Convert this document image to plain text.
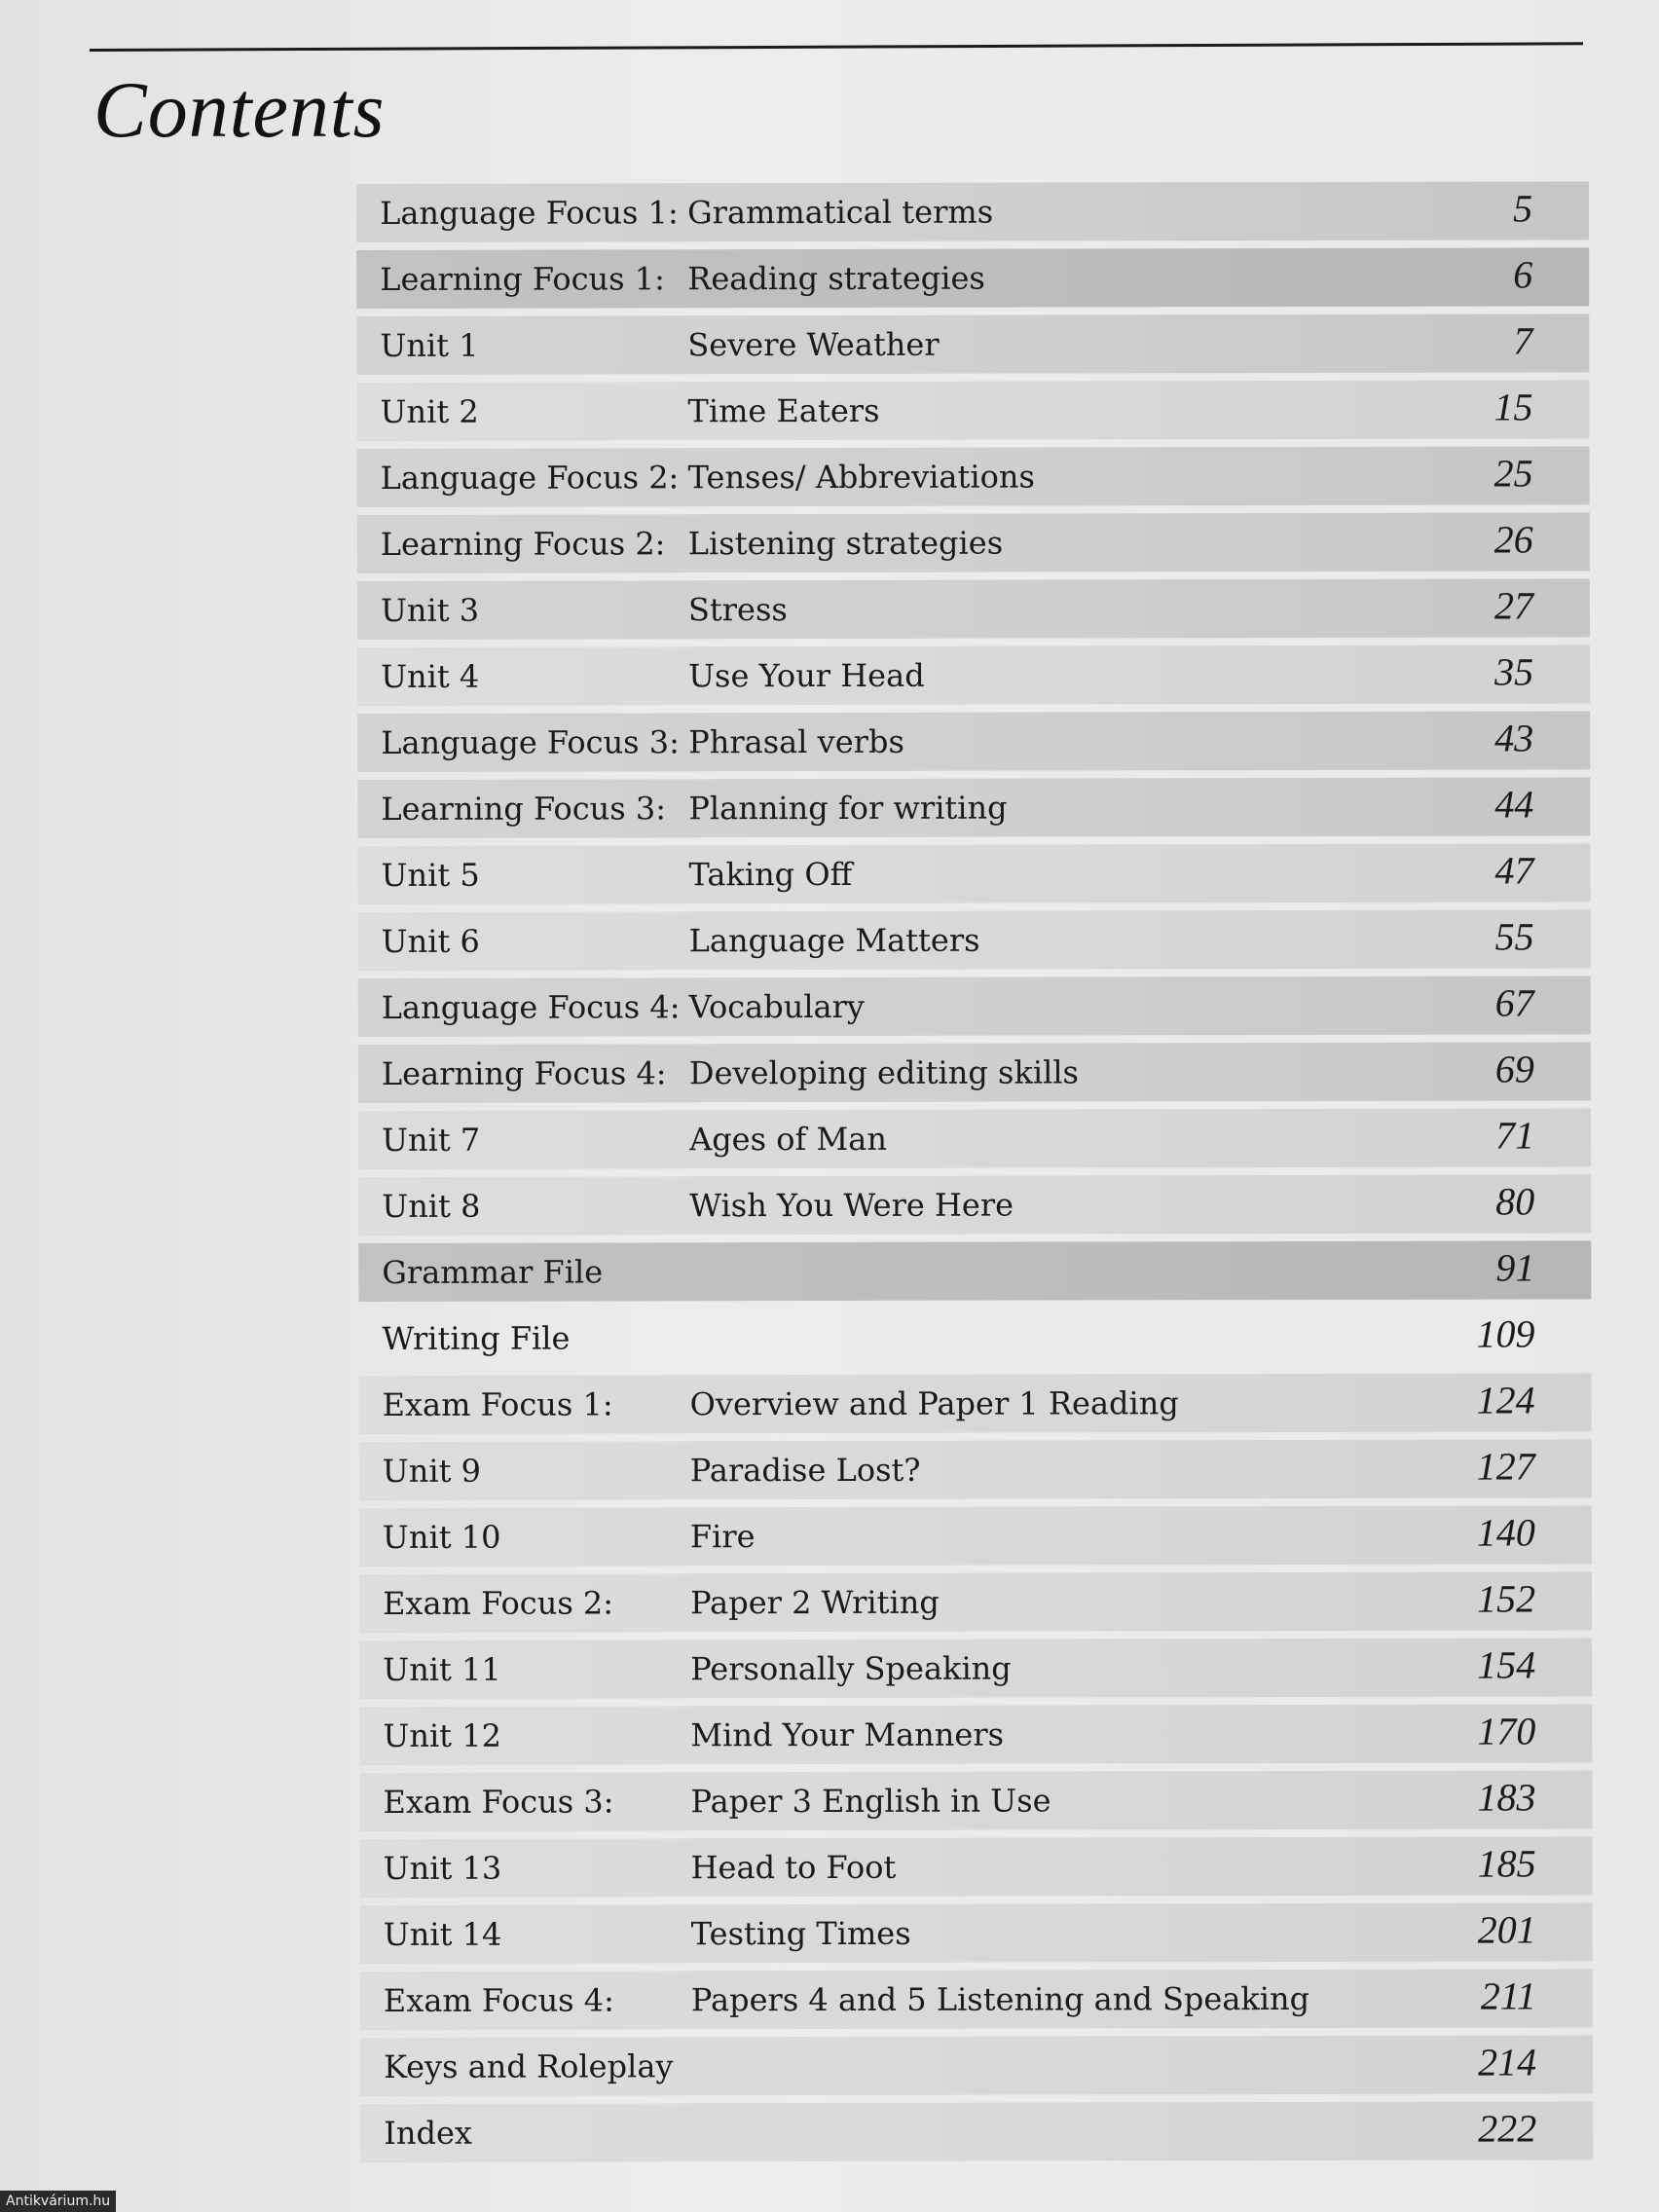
Contents
Language Focus 1: Grammatical terms	5
Learning Focus 1: Reading strategies	6
Unit 1	Severe Weather	7
Unit 2	Time Eaters	15
Language Focus 2: Tenses/ Abbreviations	25
Learning Focus 2: Listening strategies	26
Unit 3	Stress	27
Unit 4	Use Your Head	35
Language Focus 3: Phrasal verbs	43
Learning Focus 3: Planning for writing	44
Unit 5	Taking Off	47
Unit 6	Language Matters	55
Language Focus 4: Vocabulary	67
Learning Focus 4: Developing editing skills	69
Unit 7	Ages of Man	71
Unit 8	Wish You Were Here	80
Grammar File	91
Writing File	109
Exam Focus 1: Overview and Paper 1 Reading	124
Unit 9	Paradise Lost?	127
Unit 10	Fire	140
Exam Focus 2: Paper 2 Writing	152
Unit 11	Personally Speaking	154
Unit 12	Mind Your Manners	170
Exam Focus 3: Paper 3 English in Use	183
Unit 13	Head to Foot	185
Unit 14	Testing Times	201
Exam Focus 4: Papers 4 and 5 Listening and Speaking	211
Keys and Roleplay	214
Index	222
Antikvárium.hu
